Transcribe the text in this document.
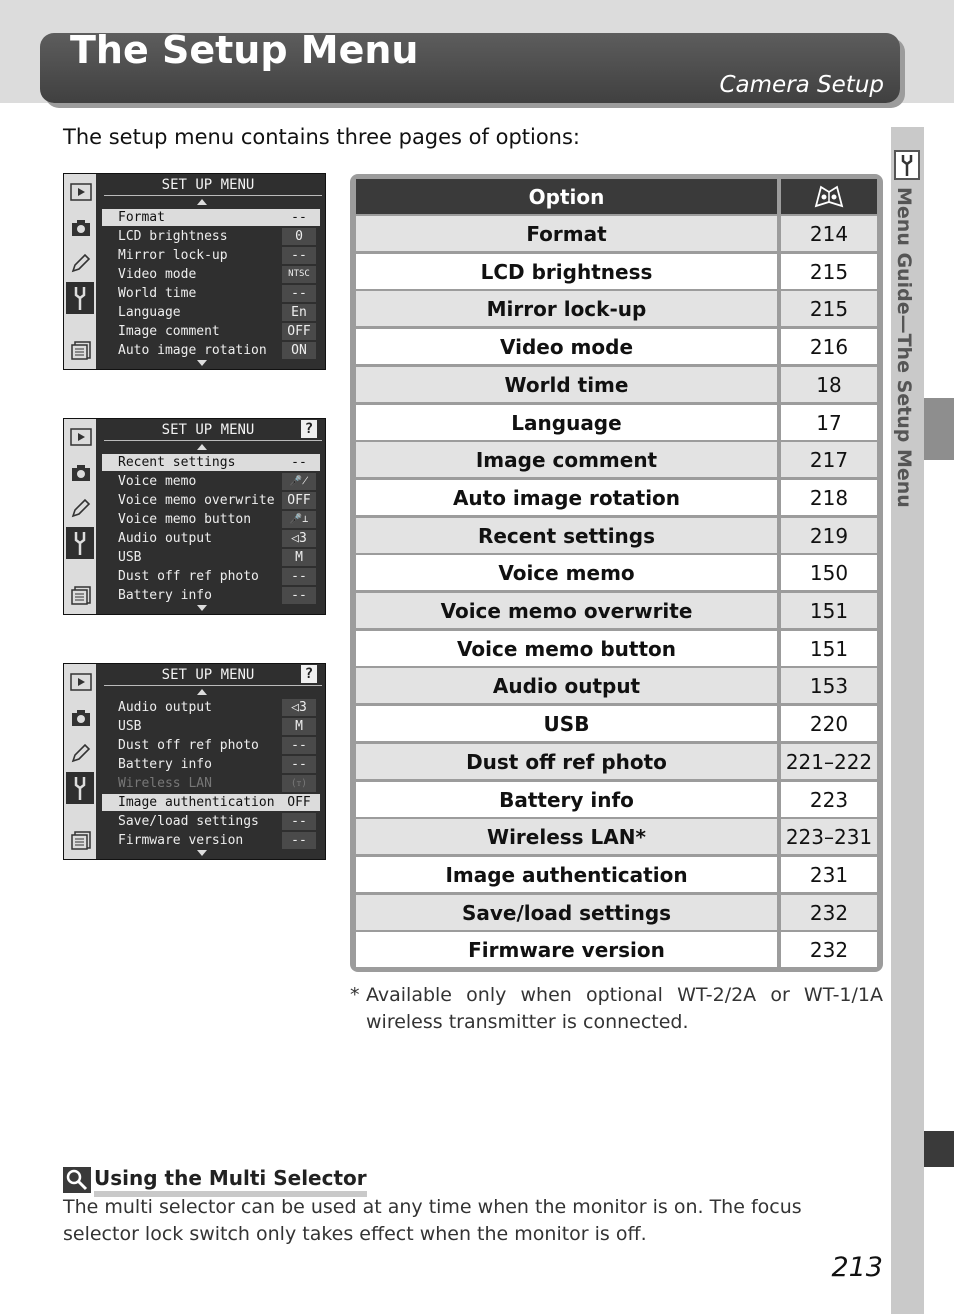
The Setup Menu
Camera Setup

The setup menu contains three pages of options:

Menu Guide—The Setup Menu
SET UP MENU
Format	--
LCD brightness	0
Mirror lock-up	--
Video mode	NTSC
World time	--
Language	En
Image comment	OFF
Auto image rotation	ON
SET UP MENU	?
Recent settings	--
Voice memo	🎤̸
Voice memo overwrite OFF
Voice memo button	🎤⊥
Audio output	◁3
USB	M
Dust off ref photo	--
Battery info	--
SET UP MENU	?
Audio output	◁3
USB	M
Dust off ref photo	--
Battery info	--
Wireless LAN	(ᴛ)
Image authentication OFF
Save/load settings	--
Firmware version	--
Option
Format	214
LCD brightness	215
Mirror lock-up	215
Video mode	216
World time	18
Language	17
Image comment	217
Auto image rotation	218
Recent settings	219
Voice memo	150
Voice memo overwrite	151
Voice memo button	151
Audio output	153
USB	220
Dust off ref photo	221–222
Battery info	223
Wireless LAN*	223–231
Image authentication	231
Save/load settings	232
Firmware version	232
* Available only when optional WT-2/2A or WT-1/1A wireless transmitter is connected.
Using the Multi Selector

The multi selector can be used at any time when the monitor is on. The focus selector lock switch only takes effect when the monitor is off.

213
